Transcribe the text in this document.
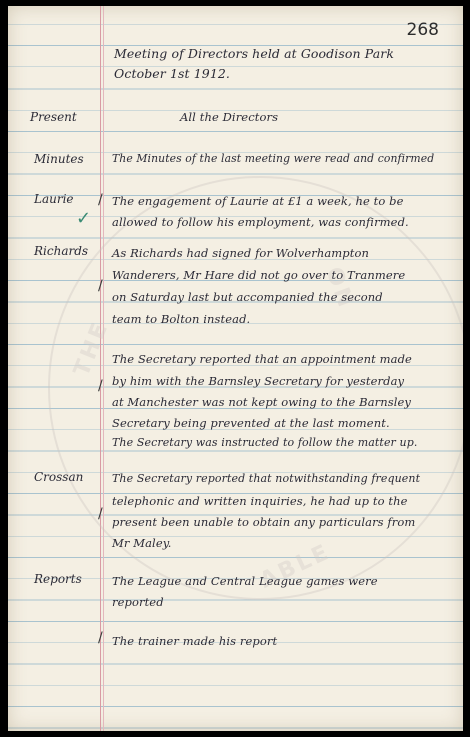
THE
ON
ABLE
268
Meeting of Directors held at Goodison Park
October 1st 1912.
Present	All the Directors
Minutes	The Minutes of the last meeting were read and confirmed
Laurie /
✓
The engagement of Laurie at £1 a week, he to be
allowed to follow his employment, was confirmed.
Richards
/
As Richards had signed for Wolverhampton
Wanderers, Mr Hare did not go over to Tranmere
on Saturday last but accompanied the second
team to Bolton instead.
/
The Secretary reported that an appointment made
by him with the Barnsley Secretary for yesterday
at Manchester was not kept owing to the Barnsley
Secretary being prevented at the last moment.
The Secretary was instructed to follow the matter up.
Crossan
/
The Secretary reported that notwithstanding frequent
telephonic and written inquiries, he had up to the
present been unable to obtain any particulars from
Mr Maley.
Reports	The League and Central League games were
reported
/ The trainer made his report
